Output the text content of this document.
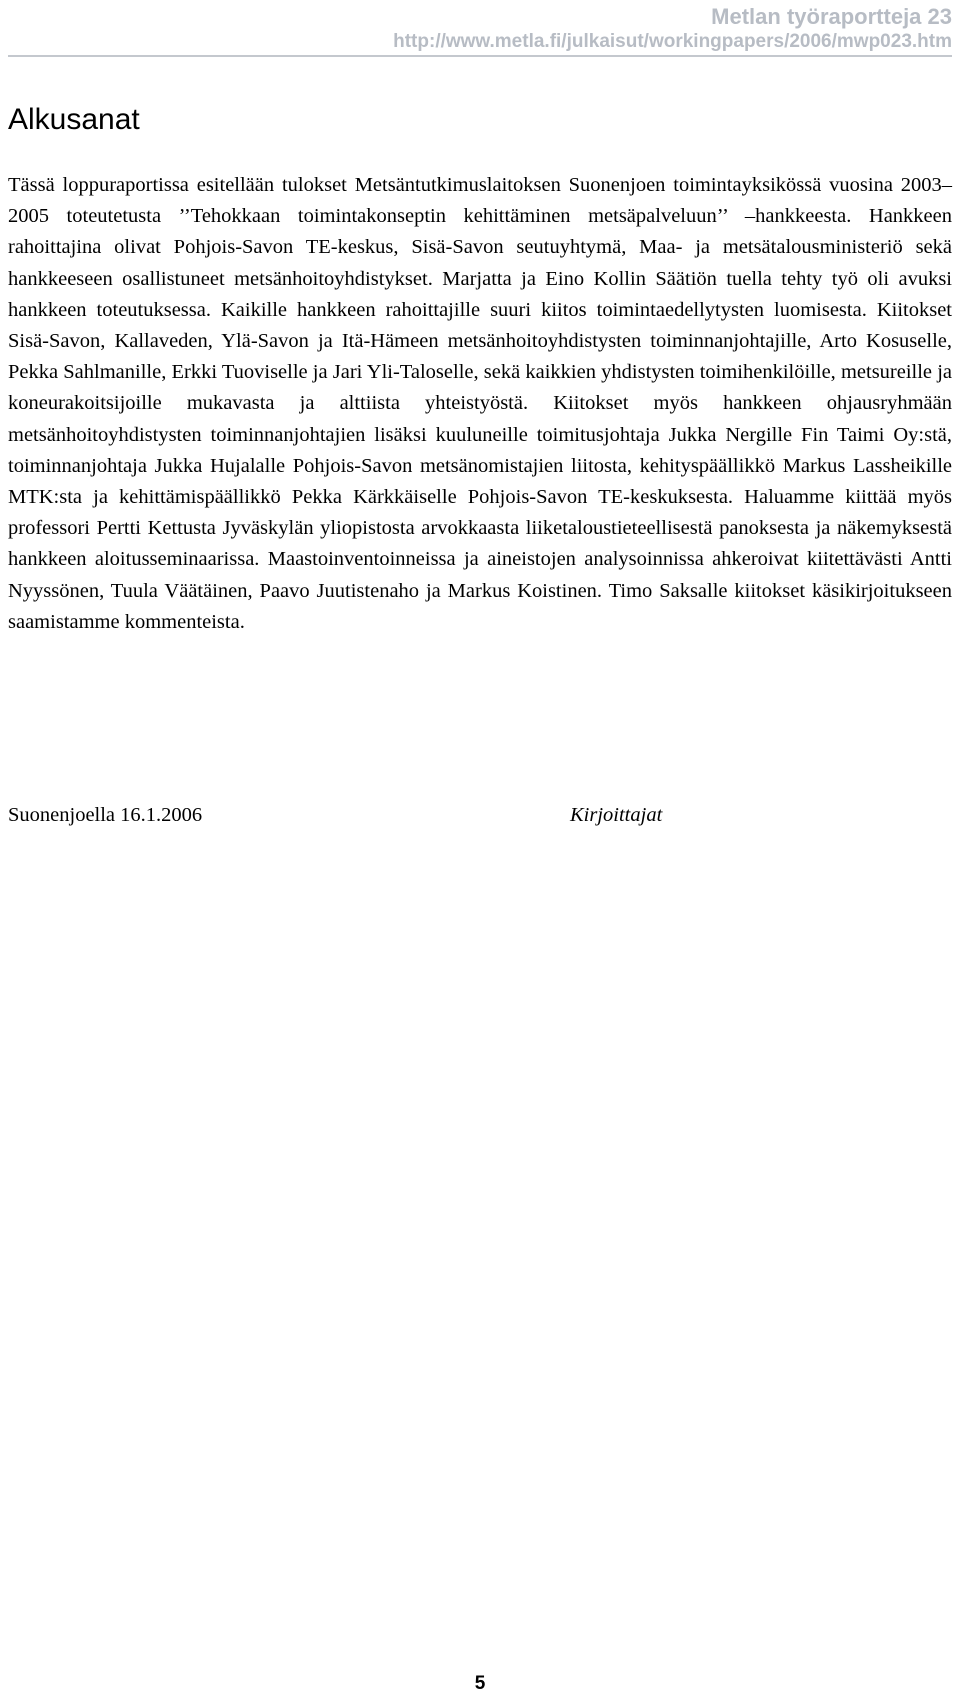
Metlan työraportteja 23
http://www.metla.fi/julkaisut/workingpapers/2006/mwp023.htm
Alkusanat

Tässä loppuraportissa esitellään tulokset Metsäntutkimuslaitoksen Suonenjoen toimintayksikössä vuosina 2003–2005 toteutetusta ’’Tehokkaan toimintakonseptin kehittäminen metsäpalveluun’’ –hankkeesta. Hankkeen rahoittajina olivat Pohjois-Savon TE-keskus, Sisä-Savon seutuyhtymä, Maa- ja metsätalousministeriö sekä hankkeeseen osallistuneet metsänhoitoyhdistykset. Marjatta ja Eino Kollin Säätiön tuella tehty työ oli avuksi hankkeen toteutuksessa. Kaikille hankkeen rahoittajille suuri kiitos toimintaedellytysten luomisesta. Kiitokset Sisä-Savon, Kallaveden, Ylä-Savon ja Itä-Hämeen metsänhoitoyhdistysten toiminnanjohtajille, Arto Kosuselle, Pekka Sahlmanille, Erkki Tuoviselle ja Jari Yli-Taloselle, sekä kaikkien yhdistysten toimihenkilöille, metsureille ja koneurakoitsijoille mukavasta ja alttiista yhteistyöstä. Kiitokset myös hankkeen ohjausryhmään metsänhoitoyhdistysten toiminnanjohtajien lisäksi kuuluneille toimitusjohtaja Jukka Nergille Fin Taimi Oy:stä, toiminnanjohtaja Jukka Hujalalle Pohjois-Savon metsänomistajien liitosta, kehityspäällikkö Markus Lassheikille MTK:sta ja kehittämispäällikkö Pekka Kärkkäiselle Pohjois-Savon TE-keskuksesta. Haluamme kiittää myös professori Pertti Kettusta Jyväskylän yliopistosta arvokkaasta liiketaloustieteellisestä panoksesta ja näkemyksestä hankkeen aloitusseminaarissa. Maastoinventoinneissa ja aineistojen analysoinnissa ahkeroivat kiitettävästi Antti Nyyssönen, Tuula Väätäinen, Paavo Juutistenaho ja Markus Koistinen. Timo Saksalle kiitokset käsikirjoitukseen saamistamme kommenteista.

Suonenjoella 16.1.2006	Kirjoittajat
5
